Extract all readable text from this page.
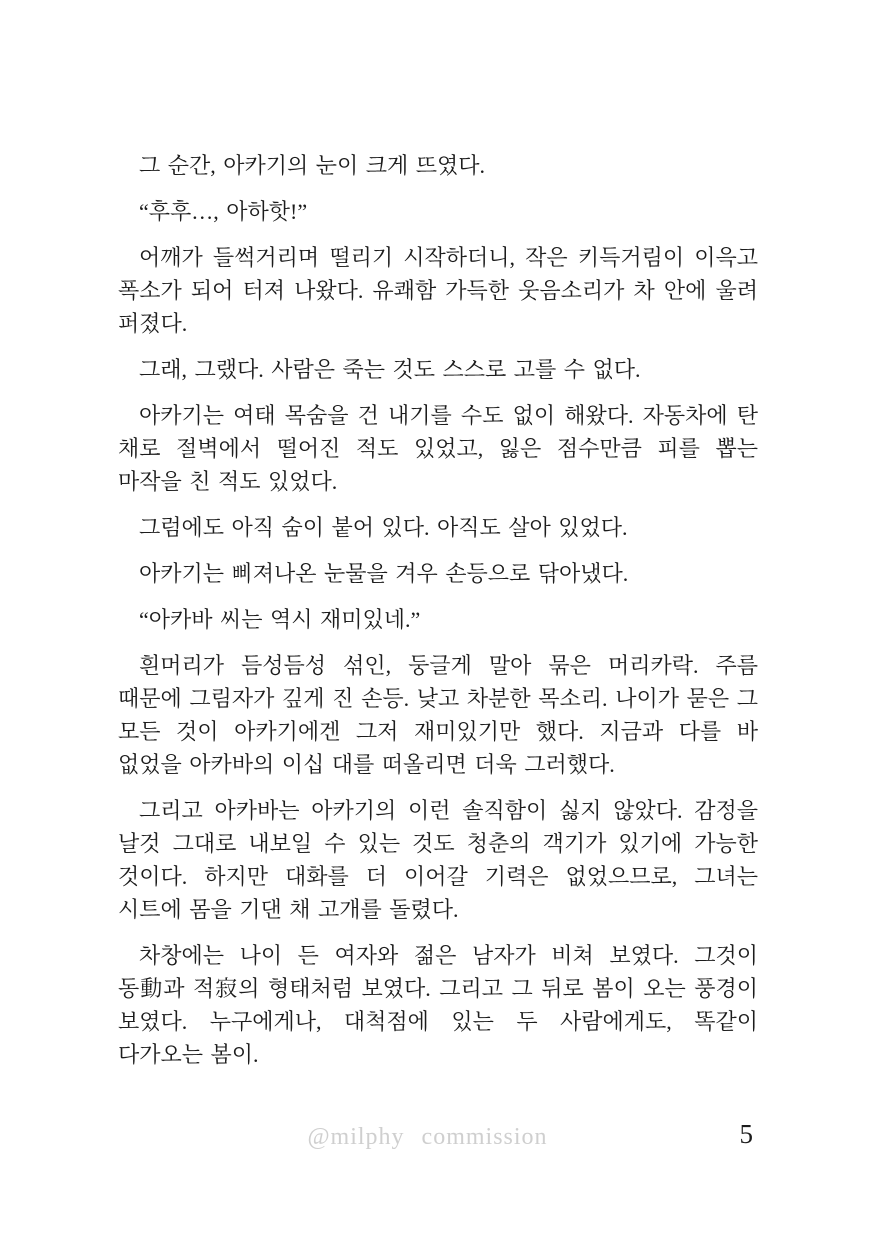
그 순간, 아카기의 눈이 크게 뜨였다.

“후후…, 아하핫!”

어깨가 들썩거리며 떨리기 시작하더니, 작은 키득거림이 이윽고 폭소가 되어 터져 나왔다. 유쾌함 가득한 웃음소리가 차 안에 울려 퍼졌다.

그래, 그랬다. 사람은 죽는 것도 스스로 고를 수 없다.

아카기는 여태 목숨을 건 내기를 수도 없이 해왔다. 자동차에 탄 채로 절벽에서 떨어진 적도 있었고, 잃은 점수만큼 피를 뽑는 마작을 친 적도 있었다.

그럼에도 아직 숨이 붙어 있다. 아직도 살아 있었다.

아카기는 삐져나온 눈물을 겨우 손등으로 닦아냈다.

“아카바 씨는 역시 재미있네.”

흰머리가 듬성듬성 섞인, 둥글게 말아 묶은 머리카락. 주름 때문에 그림자가 깊게 진 손등. 낮고 차분한 목소리. 나이가 묻은 그 모든 것이 아카기에겐 그저 재미있기만 했다. 지금과 다를 바 없었을 아카바의 이십 대를 떠올리면 더욱 그러했다.

그리고 아카바는 아카기의 이런 솔직함이 싫지 않았다. 감정을 날것 그대로 내보일 수 있는 것도 청춘의 객기가 있기에 가능한 것이다. 하지만 대화를 더 이어갈 기력은 없었으므로, 그녀는 시트에 몸을 기댄 채 고개를 돌렸다.

차창에는 나이 든 여자와 젊은 남자가 비쳐 보였다. 그것이 동動과 적寂의 형태처럼 보였다. 그리고 그 뒤로 봄이 오는 풍경이 보였다. 누구에게나, 대척점에 있는 두 사람에게도, 똑같이 다가오는 봄이.

@milphy commission	5
